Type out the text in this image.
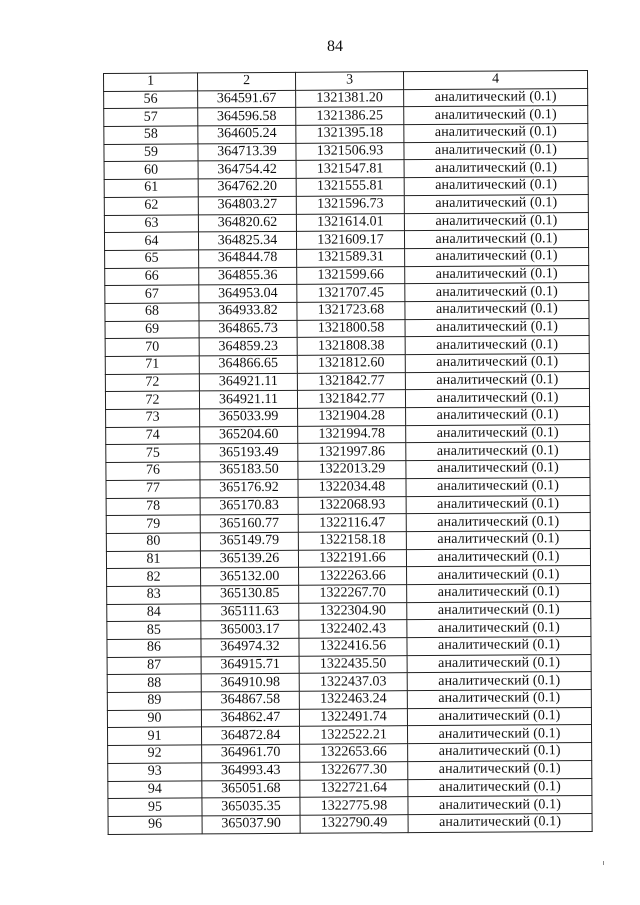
84
1	2	3	4
56	364591.67	1321381.20	аналитический (0.1)
57	364596.58	1321386.25	аналитический (0.1)
58	364605.24	1321395.18	аналитический (0.1)
59	364713.39	1321506.93	аналитический (0.1)
60	364754.42	1321547.81	аналитический (0.1)
61	364762.20	1321555.81	аналитический (0.1)
62	364803.27	1321596.73	аналитический (0.1)
63	364820.62	1321614.01	аналитический (0.1)
64	364825.34	1321609.17	аналитический (0.1)
65	364844.78	1321589.31	аналитический (0.1)
66	364855.36	1321599.66	аналитический (0.1)
67	364953.04	1321707.45	аналитический (0.1)
68	364933.82	1321723.68	аналитический (0.1)
69	364865.73	1321800.58	аналитический (0.1)
70	364859.23	1321808.38	аналитический (0.1)
71	364866.65	1321812.60	аналитический (0.1)
72	364921.11	1321842.77	аналитический (0.1)
72	364921.11	1321842.77	аналитический (0.1)
73	365033.99	1321904.28	аналитический (0.1)
74	365204.60	1321994.78	аналитический (0.1)
75	365193.49	1321997.86	аналитический (0.1)
76	365183.50	1322013.29	аналитический (0.1)
77	365176.92	1322034.48	аналитический (0.1)
78	365170.83	1322068.93	аналитический (0.1)
79	365160.77	1322116.47	аналитический (0.1)
80	365149.79	1322158.18	аналитический (0.1)
81	365139.26	1322191.66	аналитический (0.1)
82	365132.00	1322263.66	аналитический (0.1)
83	365130.85	1322267.70	аналитический (0.1)
84	365111.63	1322304.90	аналитический (0.1)
85	365003.17	1322402.43	аналитический (0.1)
86	364974.32	1322416.56	аналитический (0.1)
87	364915.71	1322435.50	аналитический (0.1)
88	364910.98	1322437.03	аналитический (0.1)
89	364867.58	1322463.24	аналитический (0.1)
90	364862.47	1322491.74	аналитический (0.1)
91	364872.84	1322522.21	аналитический (0.1)
92	364961.70	1322653.66	аналитический (0.1)
93	364993.43	1322677.30	аналитический (0.1)
94	365051.68	1322721.64	аналитический (0.1)
95	365035.35	1322775.98	аналитический (0.1)
96	365037.90	1322790.49	аналитический (0.1)
